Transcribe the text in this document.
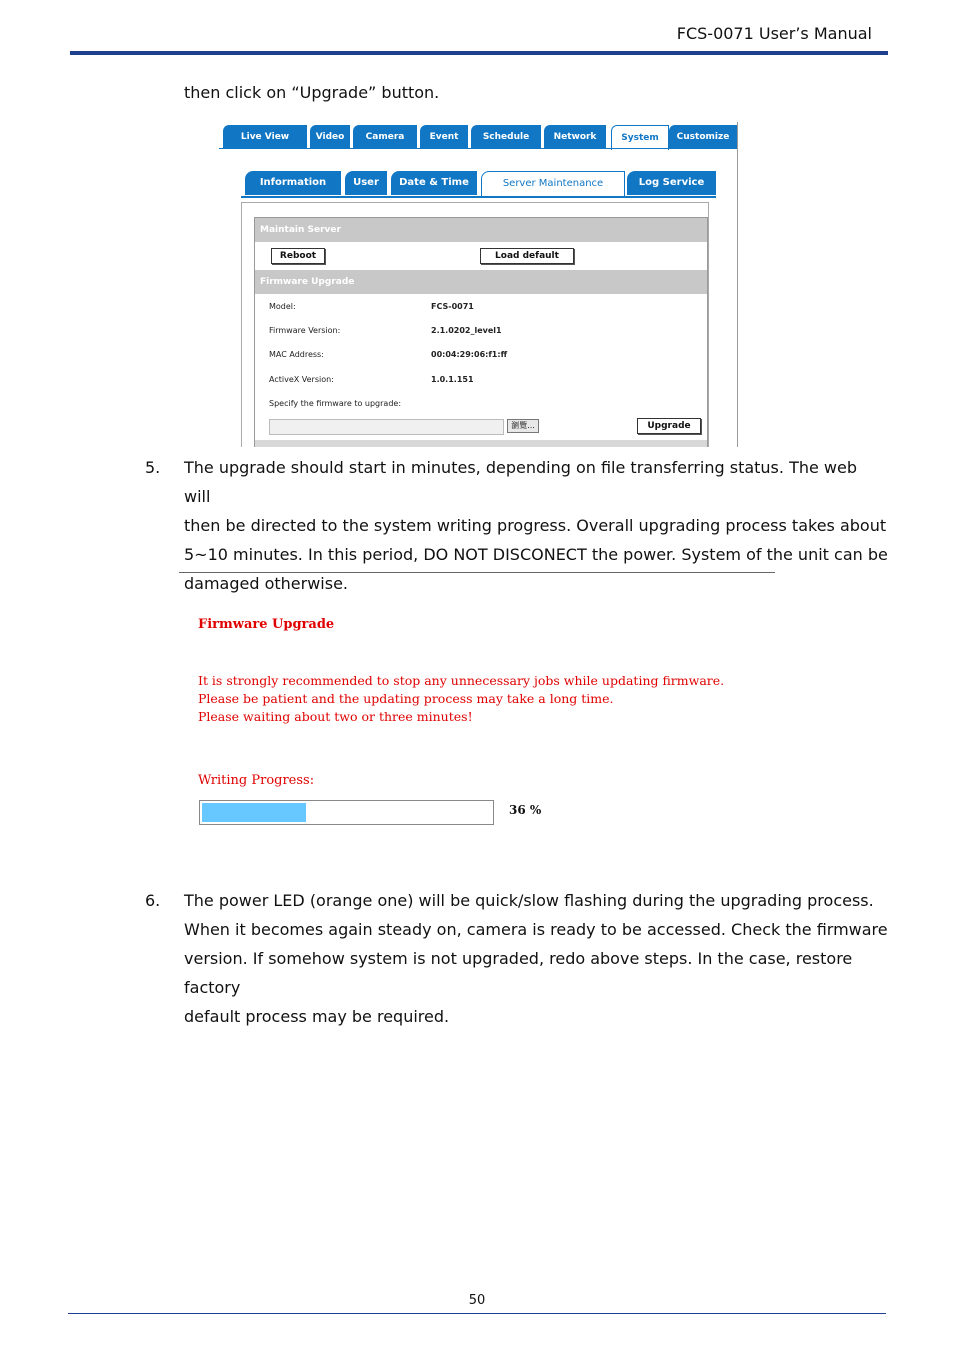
FCS-0071 User’s Manual
then click on “Upgrade” button.
Live View	Video	Camera	Event	Schedule	Network	System	Customize
Information	User	Date & Time	Server Maintenance	Log Service
Maintain Server
Reboot	Load default
Firmware Upgrade
Model:	FCS-0071
Firmware Version:	2.1.0202_level1
MAC Address:	00:04:29:06:f1:ff
ActiveX Version:	1.0.1.151
Specify the firmware to upgrade:
瀏覽...	Upgrade
5. The upgrade should start in minutes, depending on file transferring status. The web will
then be directed to the system writing progress. Overall upgrading process takes about
5~10 minutes. In this period, DO NOT DISCONECT the power. System of the unit can be
damaged otherwise.
Firmware Upgrade
It is strongly recommended to stop any unnecessary jobs while updating firmware.
Please be patient and the updating process may take a long time.
Please waiting about two or three minutes!
Writing Progress:
36 %
6. The power LED (orange one) will be quick/slow flashing during the upgrading process.
When it becomes again steady on, camera is ready to be accessed. Check the firmware
version. If somehow system is not upgraded, redo above steps. In the case, restore factory
default process may be required.
50
